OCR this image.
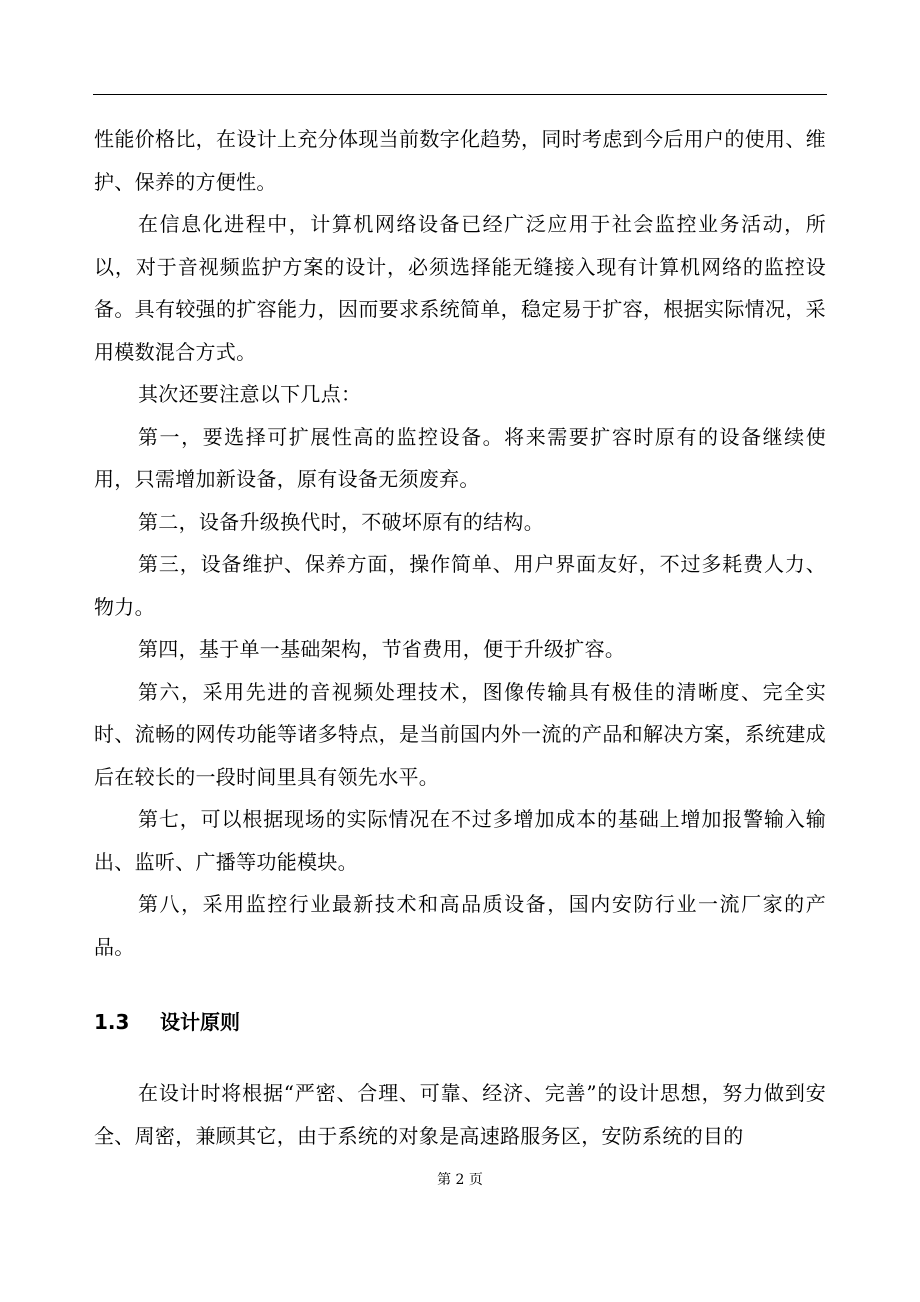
性能价格比，在设计上充分体现当前数字化趋势，同时考虑到今后用户的使用、维护、保养的方便性。

在信息化进程中，计算机网络设备已经广泛应用于社会监控业务活动，所以，对于音视频监护方案的设计，必须选择能无缝接入现有计算机网络的监控设备。具有较强的扩容能力，因而要求系统简单，稳定易于扩容，根据实际情况，采用模数混合方式。

其次还要注意以下几点：

第一，要选择可扩展性高的监控设备。将来需要扩容时原有的设备继续使用，只需增加新设备，原有设备无须废弃。

第二，设备升级换代时，不破坏原有的结构。

第三，设备维护、保养方面，操作简单、用户界面友好，不过多耗费人力、物力。

第四，基于单一基础架构，节省费用，便于升级扩容。

第六，采用先进的音视频处理技术，图像传输具有极佳的清晰度、完全实时、流畅的网传功能等诸多特点，是当前国内外一流的产品和解决方案，系统建成后在较长的一段时间里具有领先水平。

第七，可以根据现场的实际情况在不过多增加成本的基础上增加报警输入输出、监听、广播等功能模块。

第八，采用监控行业最新技术和高品质设备，国内安防行业一流厂家的产品。

1.3 设计原则

在设计时将根据“严密、合理、可靠、经济、完善”的设计思想，努力做到安全、周密，兼顾其它，由于系统的对象是高速路服务区，安防系统的目的

第 2 页
